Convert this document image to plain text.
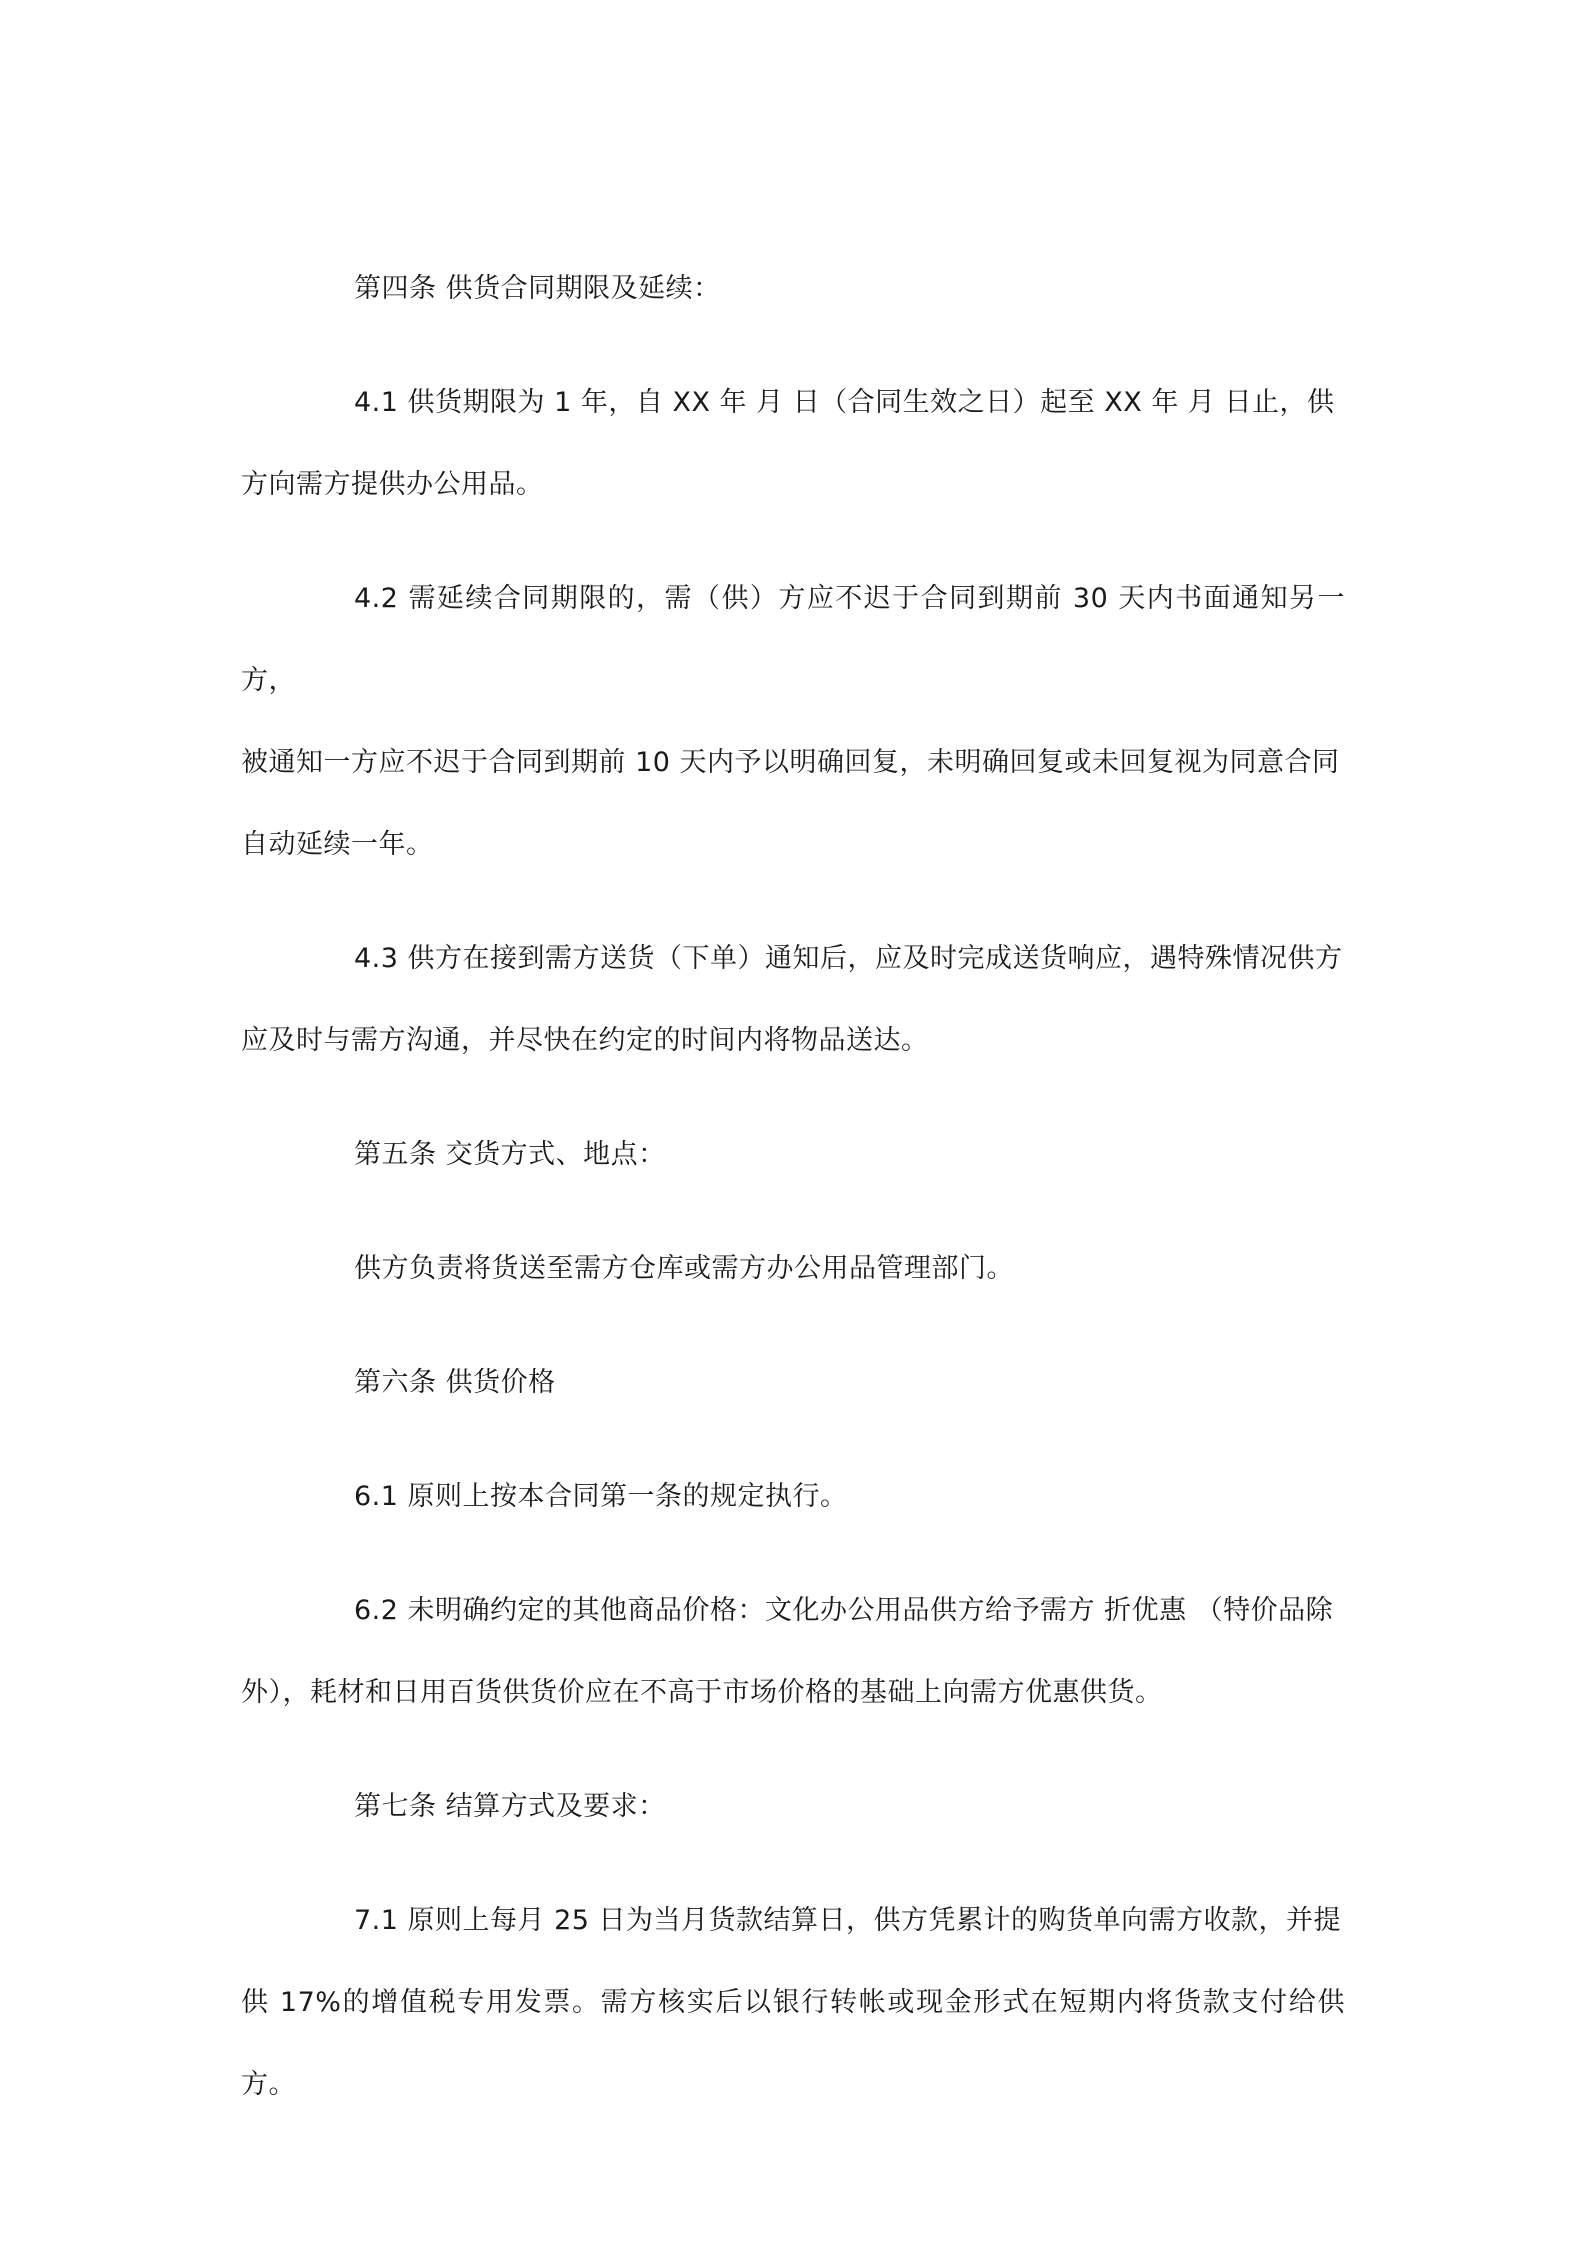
第四条 供货合同期限及延续：

4.1 供货期限为 1 年，自 XX 年 月 日（合同生效之日）起至 XX 年 月 日止，供
方向需方提供办公用品。

4.2 需延续合同期限的，需（供）方应不迟于合同到期前 30 天内书面通知另一方，
被通知一方应不迟于合同到期前 10 天内予以明确回复，未明确回复或未回复视为同意合同
自动延续一年。

4.3 供方在接到需方送货（下单）通知后，应及时完成送货响应，遇特殊情况供方
应及时与需方沟通，并尽快在约定的时间内将物品送达。

第五条 交货方式、地点：

供方负责将货送至需方仓库或需方办公用品管理部门。

第六条 供货价格

6.1 原则上按本合同第一条的规定执行。

6.2 未明确约定的其他商品价格：文化办公用品供方给予需方 折优惠 （特价品除
外），耗材和日用百货供货价应在不高于市场价格的基础上向需方优惠供货。

第七条 结算方式及要求：

7.1 原则上每月 25 日为当月货款结算日，供方凭累计的购货单向需方收款，并提
供 17%的增值税专用发票。需方核实后以银行转帐或现金形式在短期内将货款支付给供方。
